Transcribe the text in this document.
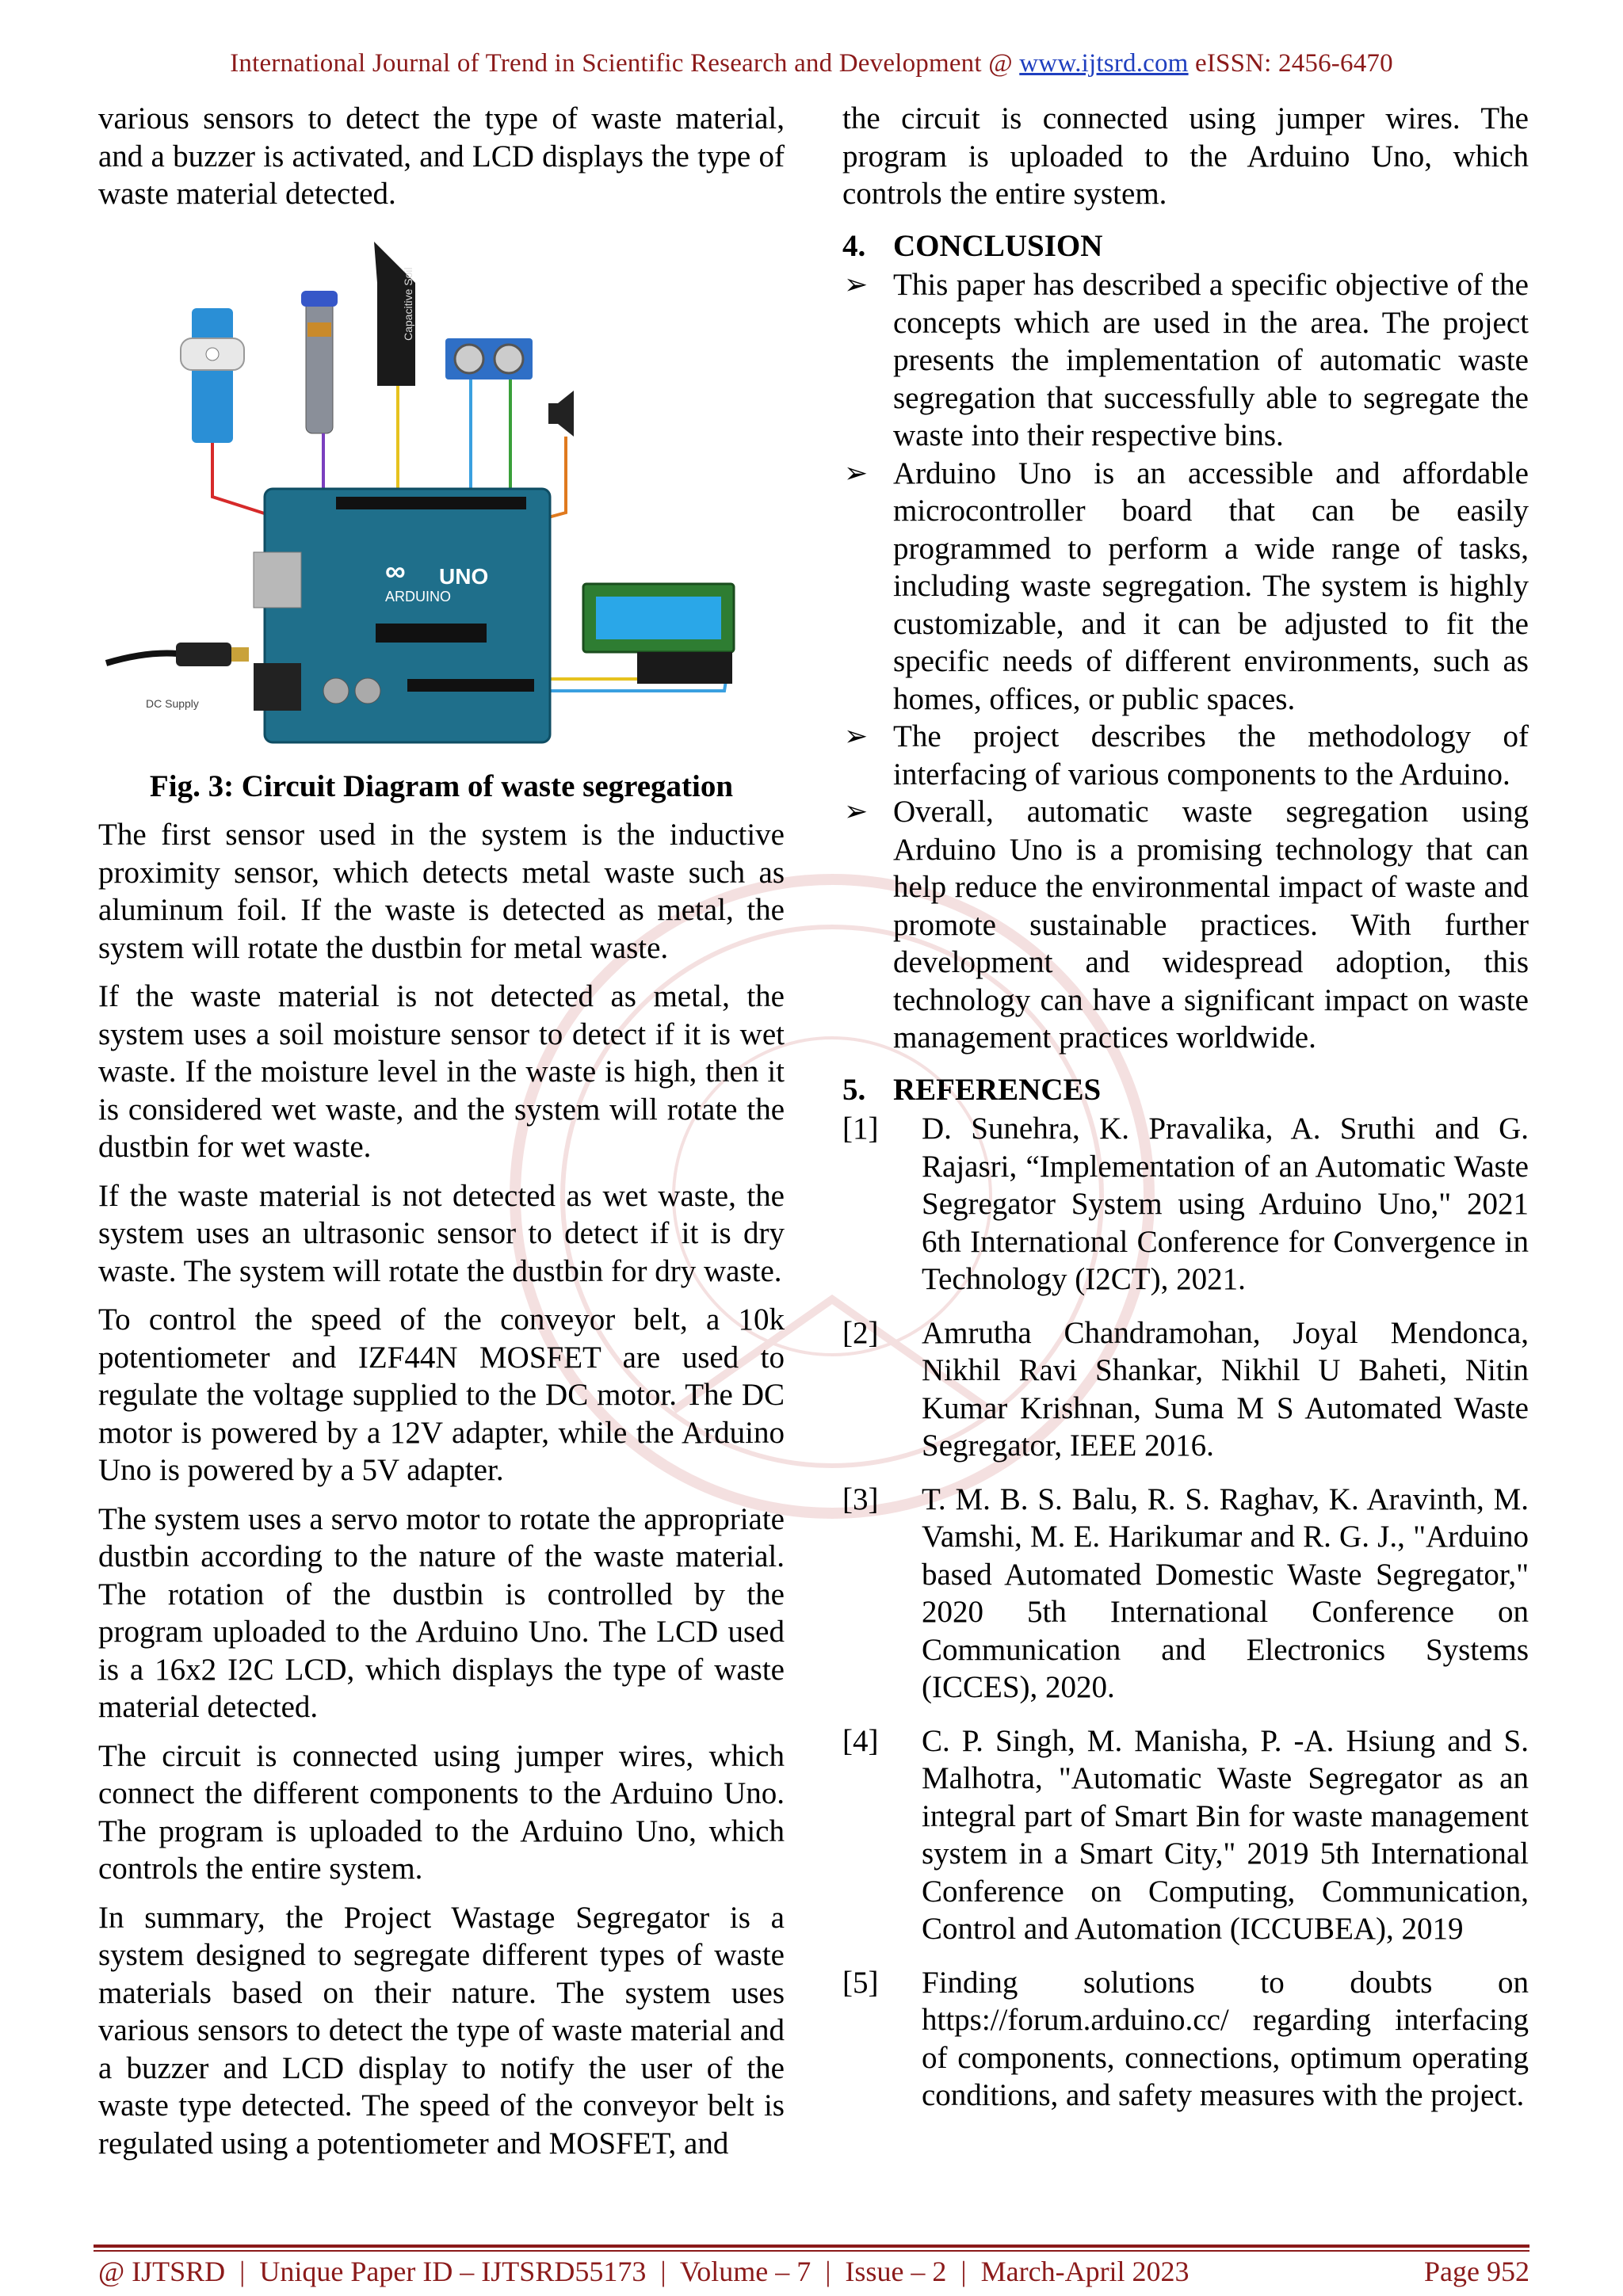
International Journal of Trend in Scientific Research and Development @ www.ijtsrd.com eISSN: 2456-6470

various sensors to detect the type of waste material, and a buzzer is activated, and LCD displays the type of waste material detected.

Capacitive Soil
UNO
ARDUINO
∞
DC Supply
Fig. 3: Circuit Diagram of waste segregation

The first sensor used in the system is the inductive proximity sensor, which detects metal waste such as aluminum foil. If the waste is detected as metal, the system will rotate the dustbin for metal waste.

If the waste material is not detected as metal, the system uses a soil moisture sensor to detect if it is wet waste. If the moisture level in the waste is high, then it is considered wet waste, and the system will rotate the dustbin for wet waste.

If the waste material is not detected as wet waste, the system uses an ultrasonic sensor to detect if it is dry waste. The system will rotate the dustbin for dry waste.

To control the speed of the conveyor belt, a 10k potentiometer and IZF44N MOSFET are used to regulate the voltage supplied to the DC motor. The DC motor is powered by a 12V adapter, while the Arduino Uno is powered by a 5V adapter.

The system uses a servo motor to rotate the appropriate dustbin according to the nature of the waste material. The rotation of the dustbin is controlled by the program uploaded to the Arduino Uno. The LCD used is a 16x2 I2C LCD, which displays the type of waste material detected.

The circuit is connected using jumper wires, which connect the different components to the Arduino Uno. The program is uploaded to the Arduino Uno, which controls the entire system.

In summary, the Project Wastage Segregator is a system designed to segregate different types of waste materials based on their nature. The system uses various sensors to detect the type of waste material and a buzzer and LCD display to notify the user of the waste type detected. The speed of the conveyor belt is regulated using a potentiometer and MOSFET, and

the circuit is connected using jumper wires. The program is uploaded to the Arduino Uno, which controls the entire system.

4. CONCLUSION
➢ This paper has described a specific objective of the concepts which are used in the area. The project presents the implementation of automatic waste segregation that successfully able to segregate the waste into their respective bins.
➢ Arduino Uno is an accessible and affordable microcontroller board that can be easily programmed to perform a wide range of tasks, including waste segregation. The system is highly customizable, and it can be adjusted to fit the specific needs of different environments, such as homes, offices, or public spaces.
➢ The project describes the methodology of interfacing of various components to the Arduino.
➢ Overall, automatic waste segregation using Arduino Uno is a promising technology that can help reduce the environmental impact of waste and promote sustainable practices. With further development and widespread adoption, this technology can have a significant impact on waste management practices worldwide.
5. REFERENCES
[1] D. Sunehra, K. Pravalika, A. Sruthi and G. Rajasri, “Implementation of an Automatic Waste Segregator System using Arduino Uno," 2021 6th International Conference for Convergence in Technology (I2CT), 2021.
[2] Amrutha Chandramohan, Joyal Mendonca, Nikhil Ravi Shankar, Nikhil U Baheti, Nitin Kumar Krishnan, Suma M S Automated Waste Segregator, IEEE 2016.
[3] T. M. B. S. Balu, R. S. Raghav, K. Aravinth, M. Vamshi, M. E. Harikumar and R. G. J., "Arduino based Automated Domestic Waste Segregator," 2020 5th International Conference on Communication and Electronics Systems (ICCES), 2020.
[4] C. P. Singh, M. Manisha, P. -A. Hsiung and S. Malhotra, "Automatic Waste Segregator as an integral part of Smart Bin for waste management system in a Smart City," 2019 5th International Conference on Computing, Communication, Control and Automation (ICCUBEA), 2019
[5] Finding solutions to doubts on https://forum.arduino.cc/ regarding interfacing of components, connections, optimum operating conditions, and safety measures with the project.
@ IJTSRD  |  Unique Paper ID – IJTSRD55173  |  Volume – 7  |  Issue – 2  |  March-April 2023	Page 952
